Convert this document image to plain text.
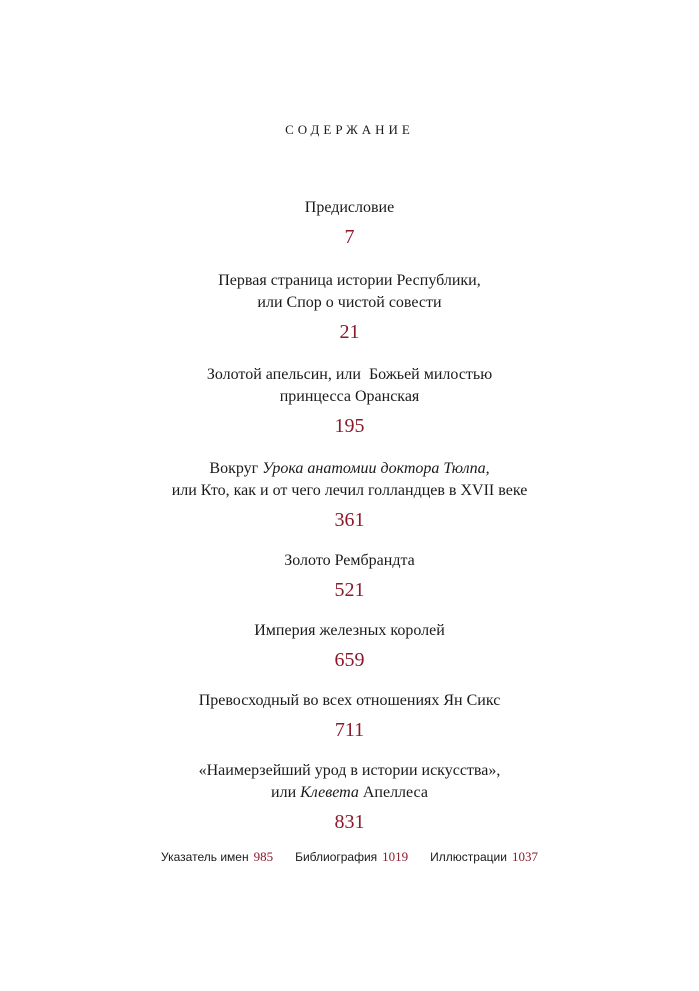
СОДЕРЖАНИЕ
Предисловие
7
Первая страница истории Республики,
или Спор о чистой совести
21
Золотой апельсин, или  Божьей милостью
принцесса Оранская
195
Вокруг Урока анатомии доктора Тюлпа,
или Кто, как и от чего лечил голландцев в XVII веке
361
Золото Рембрандта
521
Империя железных королей
659
Превосходный во всех отношениях Ян Сикс
711
«Наимерзейший урод в истории искусства»,
или Клевета Апеллеса
831
Указатель имен 985 Библиография 1019 Иллюстрации 1037
